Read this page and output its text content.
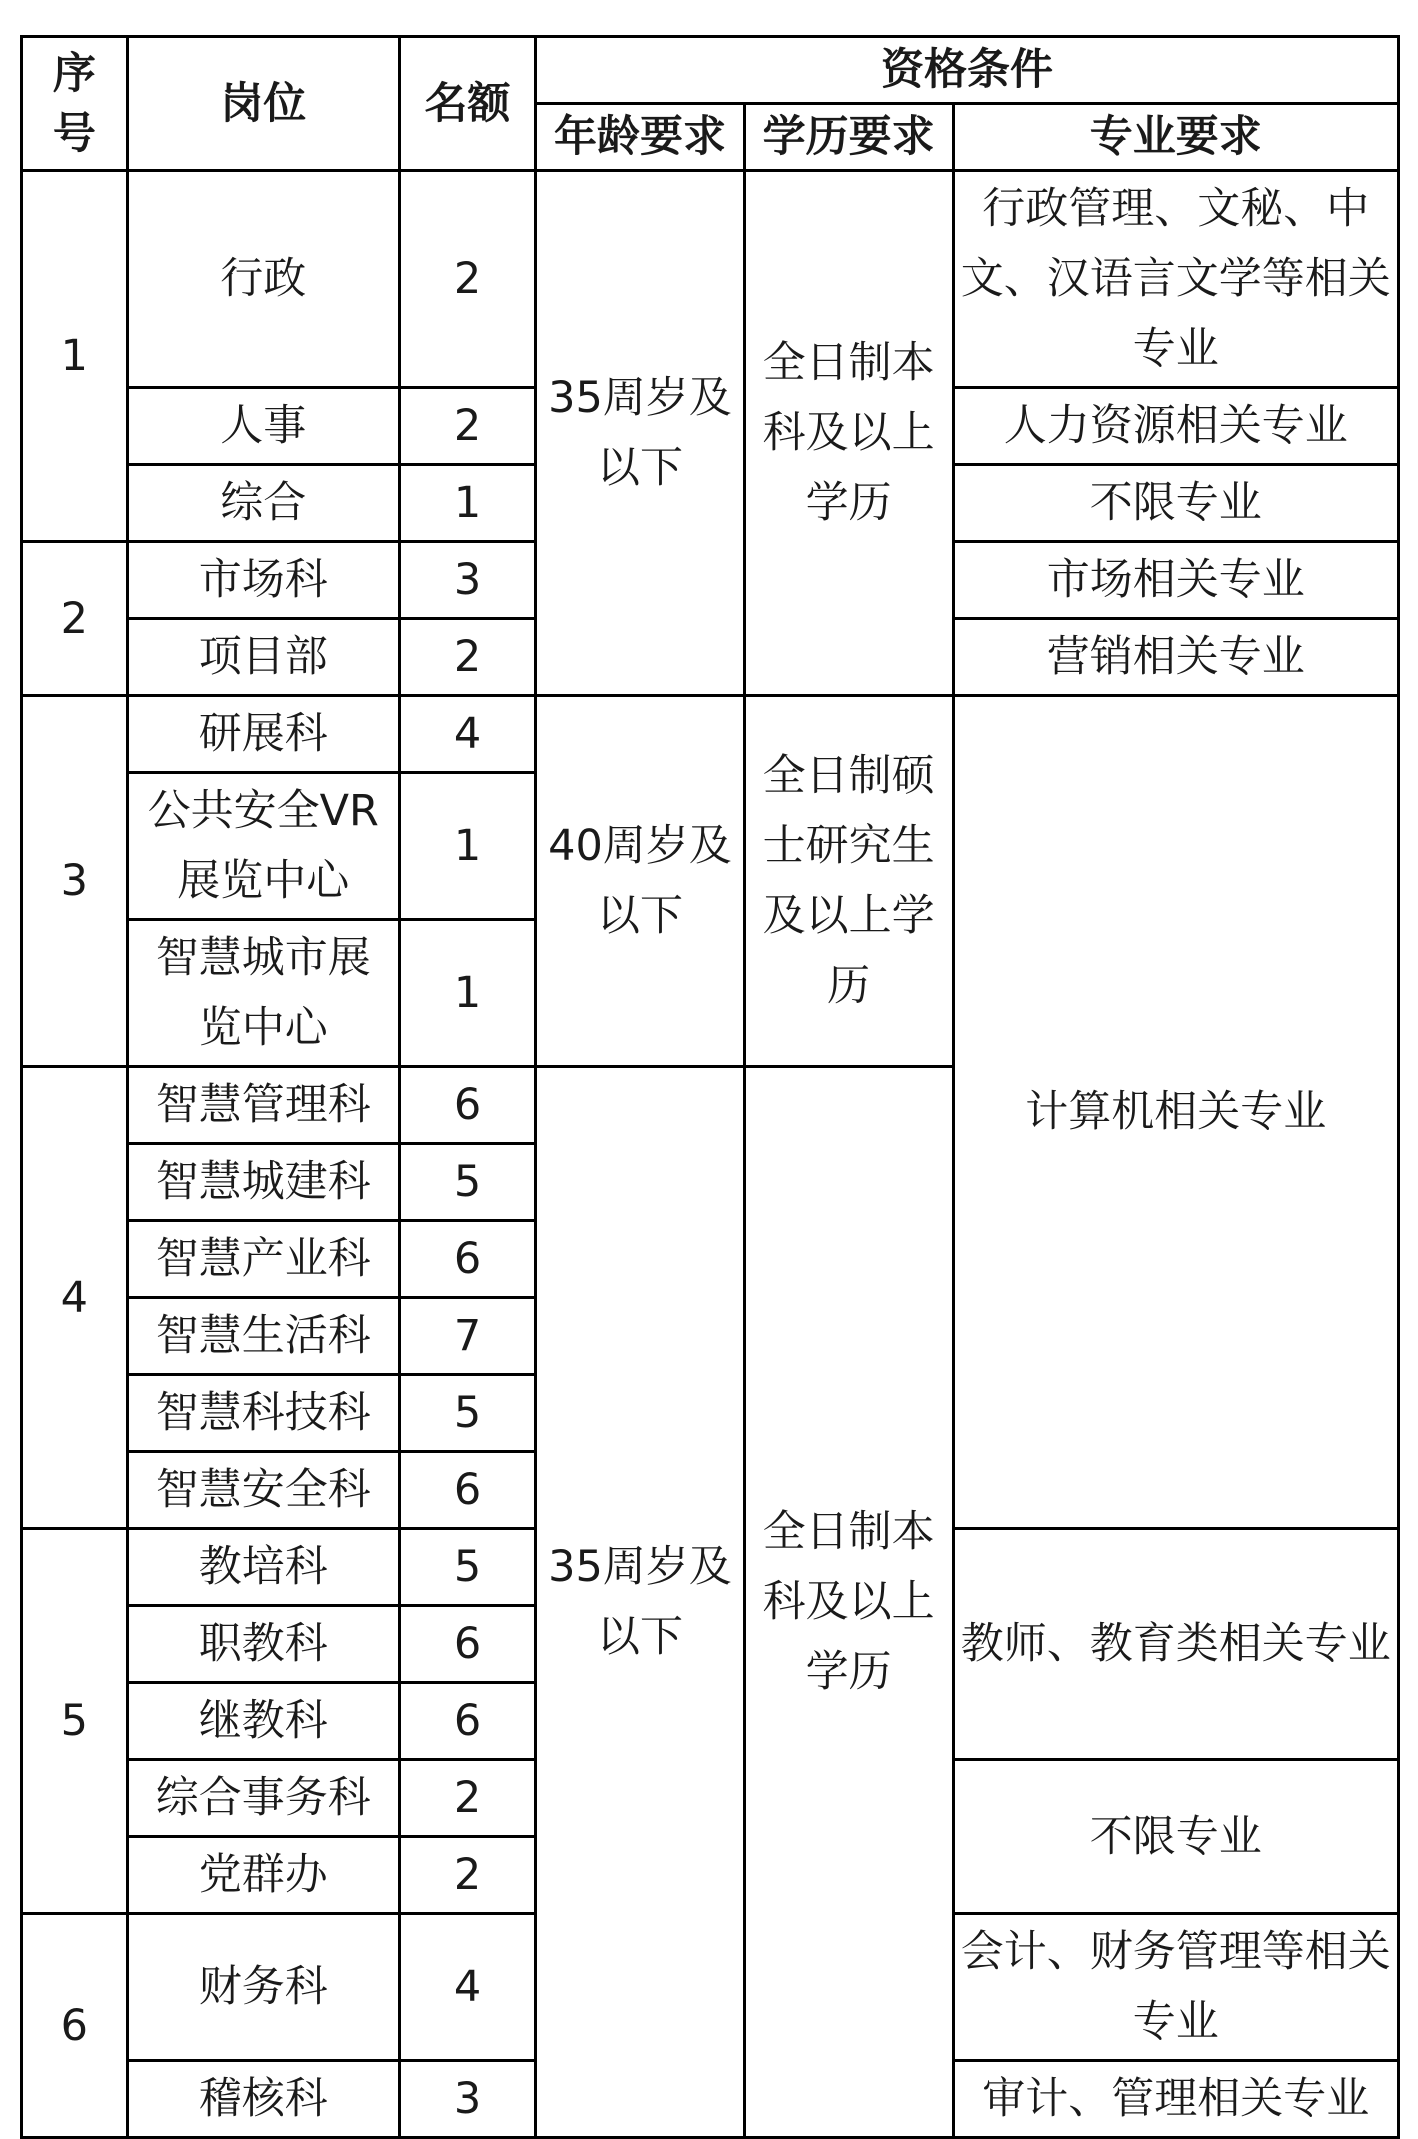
序号	岗位	名额	资格条件		
			年龄要求	学历要求	专业要求
1	行政	2	35周岁及以下	全日制本科及以上学历	行政管理、文秘、中文、汉语言文学等相关专业
	人事	2			人力资源相关专业
	综合	1			不限专业
2	市场科	3			市场相关专业
	项目部	2			营销相关专业
3	研展科	4	40周岁及以下	全日制硕士研究生及以上学历	计算机相关专业
	公共安全VR展览中心	1			
	智慧城市展览中心	1			
4	智慧管理科	6	35周岁及以下	全日制本科及以上学历	
	智慧城建科	5			
	智慧产业科	6			
	智慧生活科	7			
	智慧科技科	5			
	智慧安全科	6			
5	教培科	5			教师、教育类相关专业
	职教科	6			
	继教科	6			
	综合事务科	2			不限专业
	党群办	2			
6	财务科	4			会计、财务管理等相关专业
	稽核科	3			审计、管理相关专业
